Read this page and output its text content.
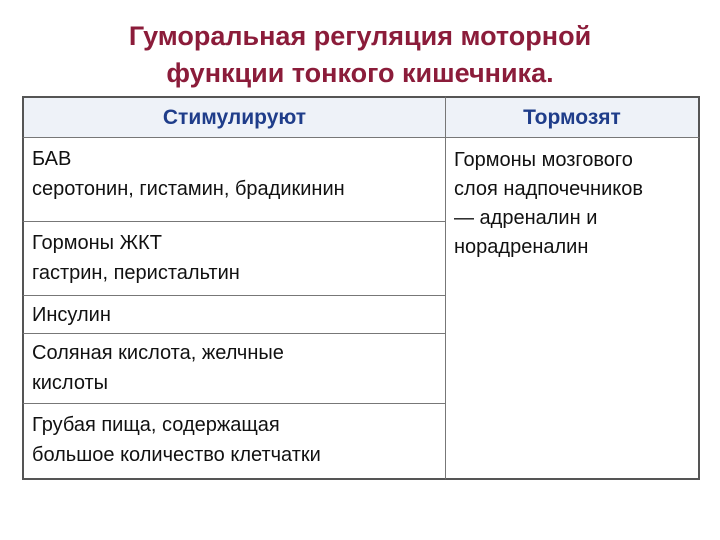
Гуморальная регуляция моторной
функции тонкого кишечника.
Стимулируют	Тормозят
БАВ
серотонин, гистамин, брадикинин
Гормоны ЖКТ
гастрин, перистальтин
Инсулин
Соляная кислота, желчные
кислоты
Грубая пища, содержащая
большое количество клетчатки
Гормоны мозгового
слоя надпочечников
— адреналин и
норадреналин
